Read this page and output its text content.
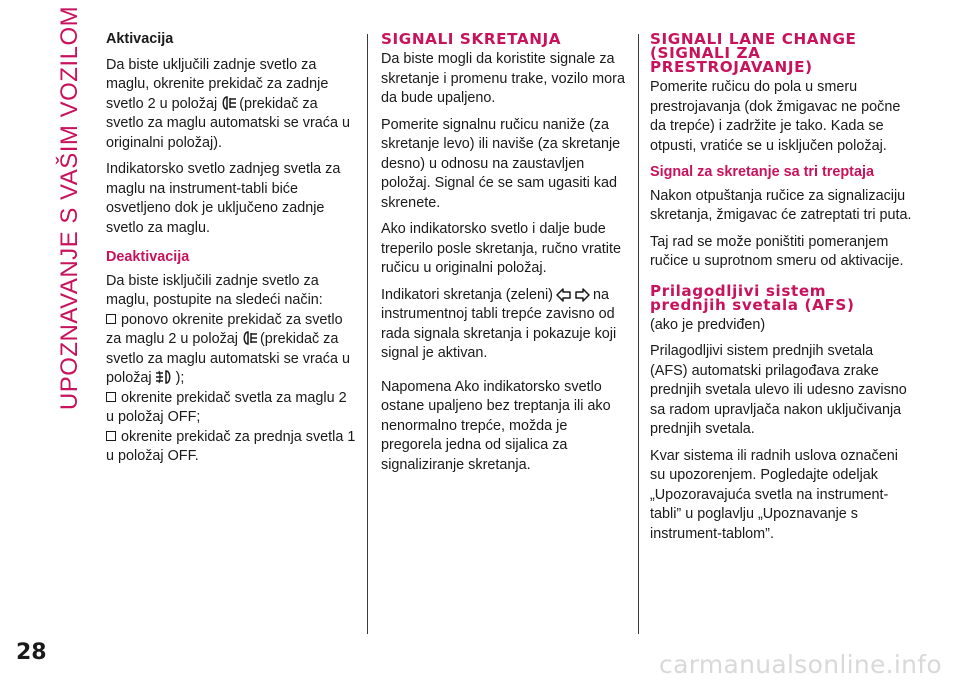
UPOZNAVANJE S VAŠIM VOZILOM Aktivacija

Da biste uključili zadnje svetlo za maglu, okrenite prekidač za zadnje svetlo 2 u položaj (prekidač za svetlo za maglu automatski se vraća u originalni položaj).

Indikatorsko svetlo zadnjeg svetla za maglu na instrument-tabli biće osvetljeno dok je uključeno zadnje svetlo za maglu.

Deaktivacija

Da biste isključili zadnje svetlo za maglu, postupite na sledeći način:

ponovo okrenite prekidač za svetlo za maglu 2 u položaj (prekidač za svetlo za maglu automatski se vraća u položaj );

okrenite prekidač svetla za maglu 2 u položaj OFF;

okrenite prekidač za prednja svetla 1 u položaj OFF.

SIGNALI SKRETANJA

Da biste mogli da koristite signale za skretanje i promenu trake, vozilo mora da bude upaljeno.

Pomerite signalnu ručicu naniže (za skretanje levo) ili naviše (za skretanje desno) u odnosu na zaustavljen položaj. Signal će se sam ugasiti kad skrenete.

Ako indikatorsko svetlo i dalje bude treperilo posle skretanja, ručno vratite ručicu u originalni položaj.

Indikatori skretanja (zeleni)	na instrumentnoj tabli trepće zavisno od rada signala skretanja i pokazuje koji signal je aktivan.

Napomena Ako indikatorsko svetlo ostane upaljeno bez treptanja ili ako nenormalno trepće, možda je pregorela jedna od sijalica za signaliziranje skretanja.

SIGNALI LANE CHANGE
(SIGNALI ZA
PRESTROJAVANJE)

Pomerite ručicu do pola u smeru prestrojavanja (dok žmigavac ne počne da trepće) i zadržite je tako. Kada se otpusti, vratiće se u isključen položaj.

Signal za skretanje sa tri treptaja

Nakon otpuštanja ručice za signalizaciju skretanja, žmigavac će zatreptati tri puta.

Taj rad se može poništiti pomeranjem ručice u suprotnom smeru od aktivacije.

Prilagodljivi sistem
prednjih svetala (AFS)

(ako je predviđen)

Prilagodljivi sistem prednjih svetala (AFS) automatski prilagođava zrake prednjih svetala ulevo ili udesno zavisno sa radom upravljača nakon uključivanja prednjih svetala.

Kvar sistema ili radnih uslova označeni su upozorenjem. Pogledajte odeljak „Upozoravajuća svetla na instrument-tabli” u poglavlju „Upoznavanje s instrument-tablom”.

28	carmanualsonline.info
